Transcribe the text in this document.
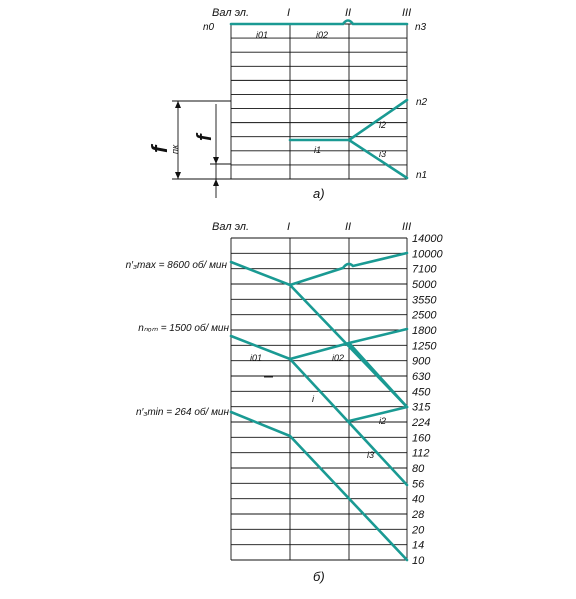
Вал эл.	I	II	III
n0	n3
n2
n1
i01	i02
i2
i1	i3
f
пк
f
а)
14000
10000
7100
5000
3550
2500
1800
1250
900
630
450
315
224
160
112
80
56
40
28
20
14
10
Вал эл.	I	II	III
n′₃max = 8600 об/ мин
nₙₒₘ = 1500 об/ мин
n′₃min = 264 об/ мин
i01	i02
i
i2
i3
б)
